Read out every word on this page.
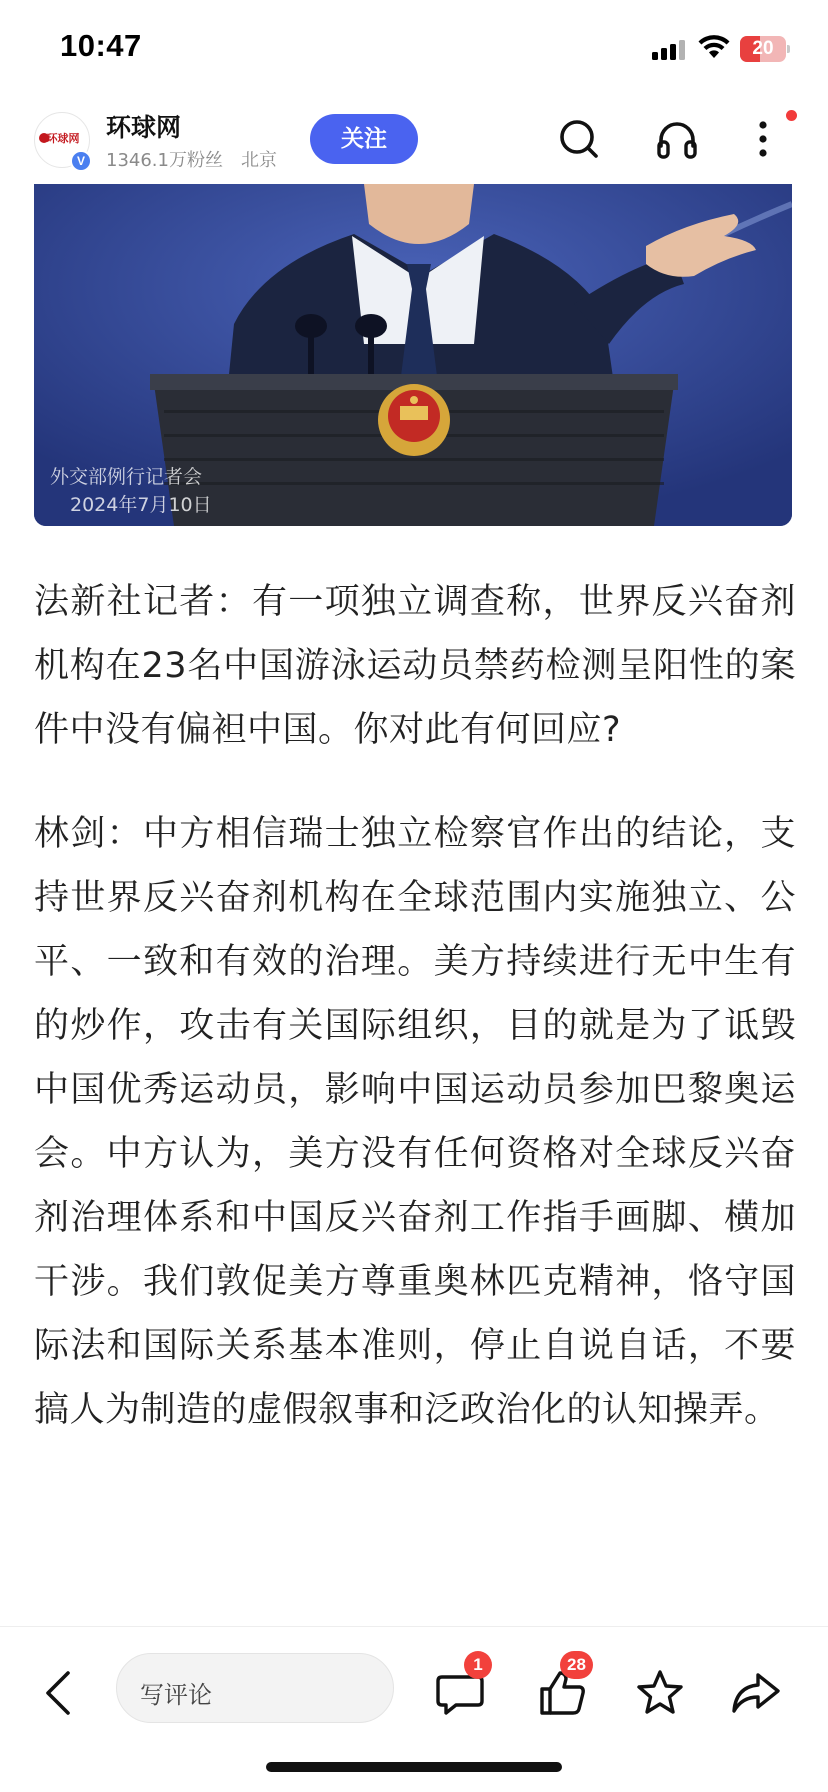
10:47	20
环球网
V
环球网
1346.1万粉丝 北京
关注
外交部例行记者会
2024年7月10日

法新社记者：有一项独立调查称，世界反兴奋剂机构在23名中国游泳运动员禁药检测呈阳性的案件中没有偏袒中国。你对此有何回应?

林剑：中方相信瑞士独立检察官作出的结论，支持世界反兴奋剂机构在全球范围内实施独立、公平、一致和有效的治理。美方持续进行无中生有的炒作，攻击有关国际组织，目的就是为了诋毁中国优秀运动员，影响中国运动员参加巴黎奥运会。中方认为，美方没有任何资格对全球反兴奋剂治理体系和中国反兴奋剂工作指手画脚、横加干涉。我们敦促美方尊重奥林匹克精神，恪守国际法和国际关系基本准则，停止自说自话，不要搞人为制造的虚假叙事和泛政治化的认知操弄。

写评论
1	28
